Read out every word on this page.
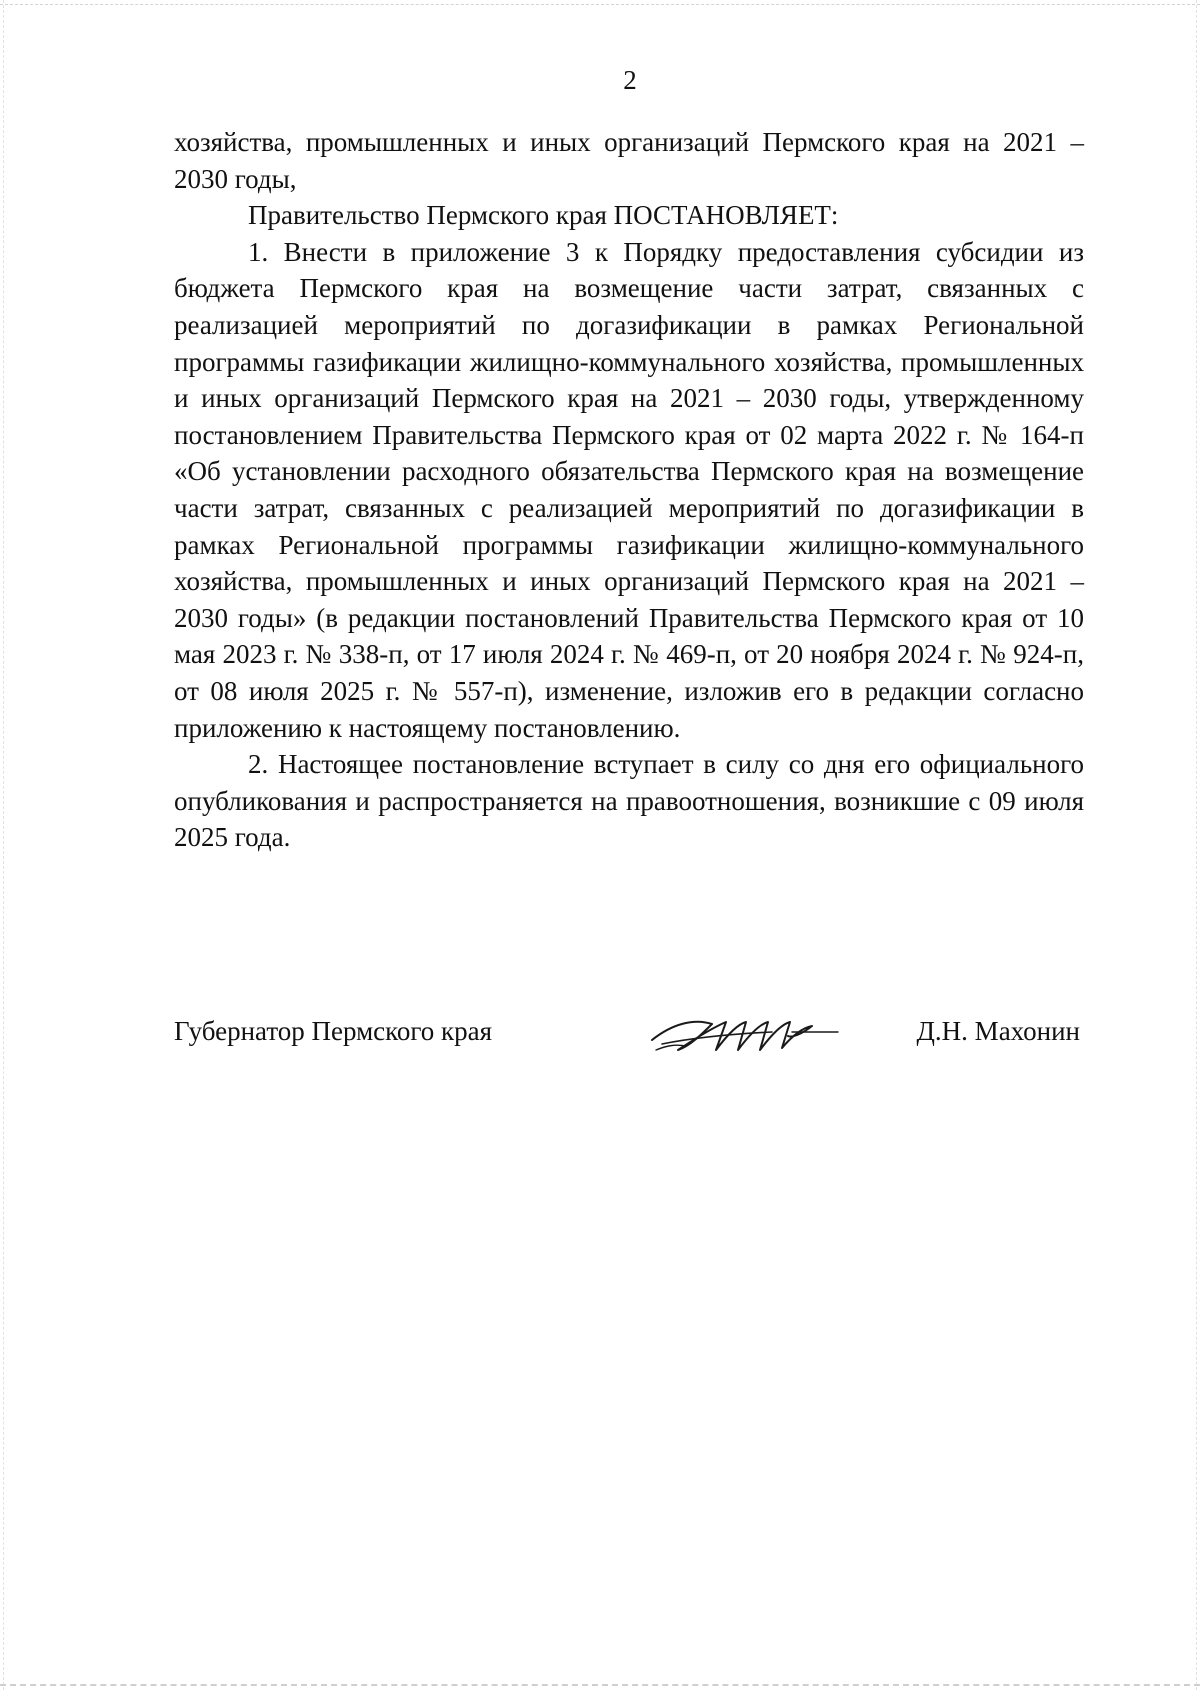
2

хозяйства, промышленных и иных организаций Пермского края на 2021 – 2030 годы,

Правительство Пермского края ПОСТАНОВЛЯЕТ:

1. Внести в приложение 3 к Порядку предоставления субсидии из бюджета Пермского края на возмещение части затрат, связанных с реализацией мероприятий по догазификации в рамках Региональной программы газификации жилищно-коммунального хозяйства, промышленных и иных организаций Пермского края на 2021 – 2030 годы, утвержденному постановлением Правительства Пермского края от 02 марта 2022 г. № 164-п «Об установлении расходного обязательства Пермского края на возмещение части затрат, связанных с реализацией мероприятий по догазификации в рамках Региональной программы газификации жилищно-коммунального хозяйства, промышленных и иных организаций Пермского края на 2021 – 2030 годы» (в редакции постановлений Правительства Пермского края от 10 мая 2023 г. № 338-п, от 17 июля 2024 г. № 469-п, от 20 ноября 2024 г. № 924-п, от 08 июля 2025 г. № 557-п), изменение, изложив его в редакции согласно приложению к настоящему постановлению.

2. Настоящее постановление вступает в силу со дня его официального опубликования и распространяется на правоотношения, возникшие с 09 июля 2025 года.

Губернатор Пермского края	Д.Н. Махонин
